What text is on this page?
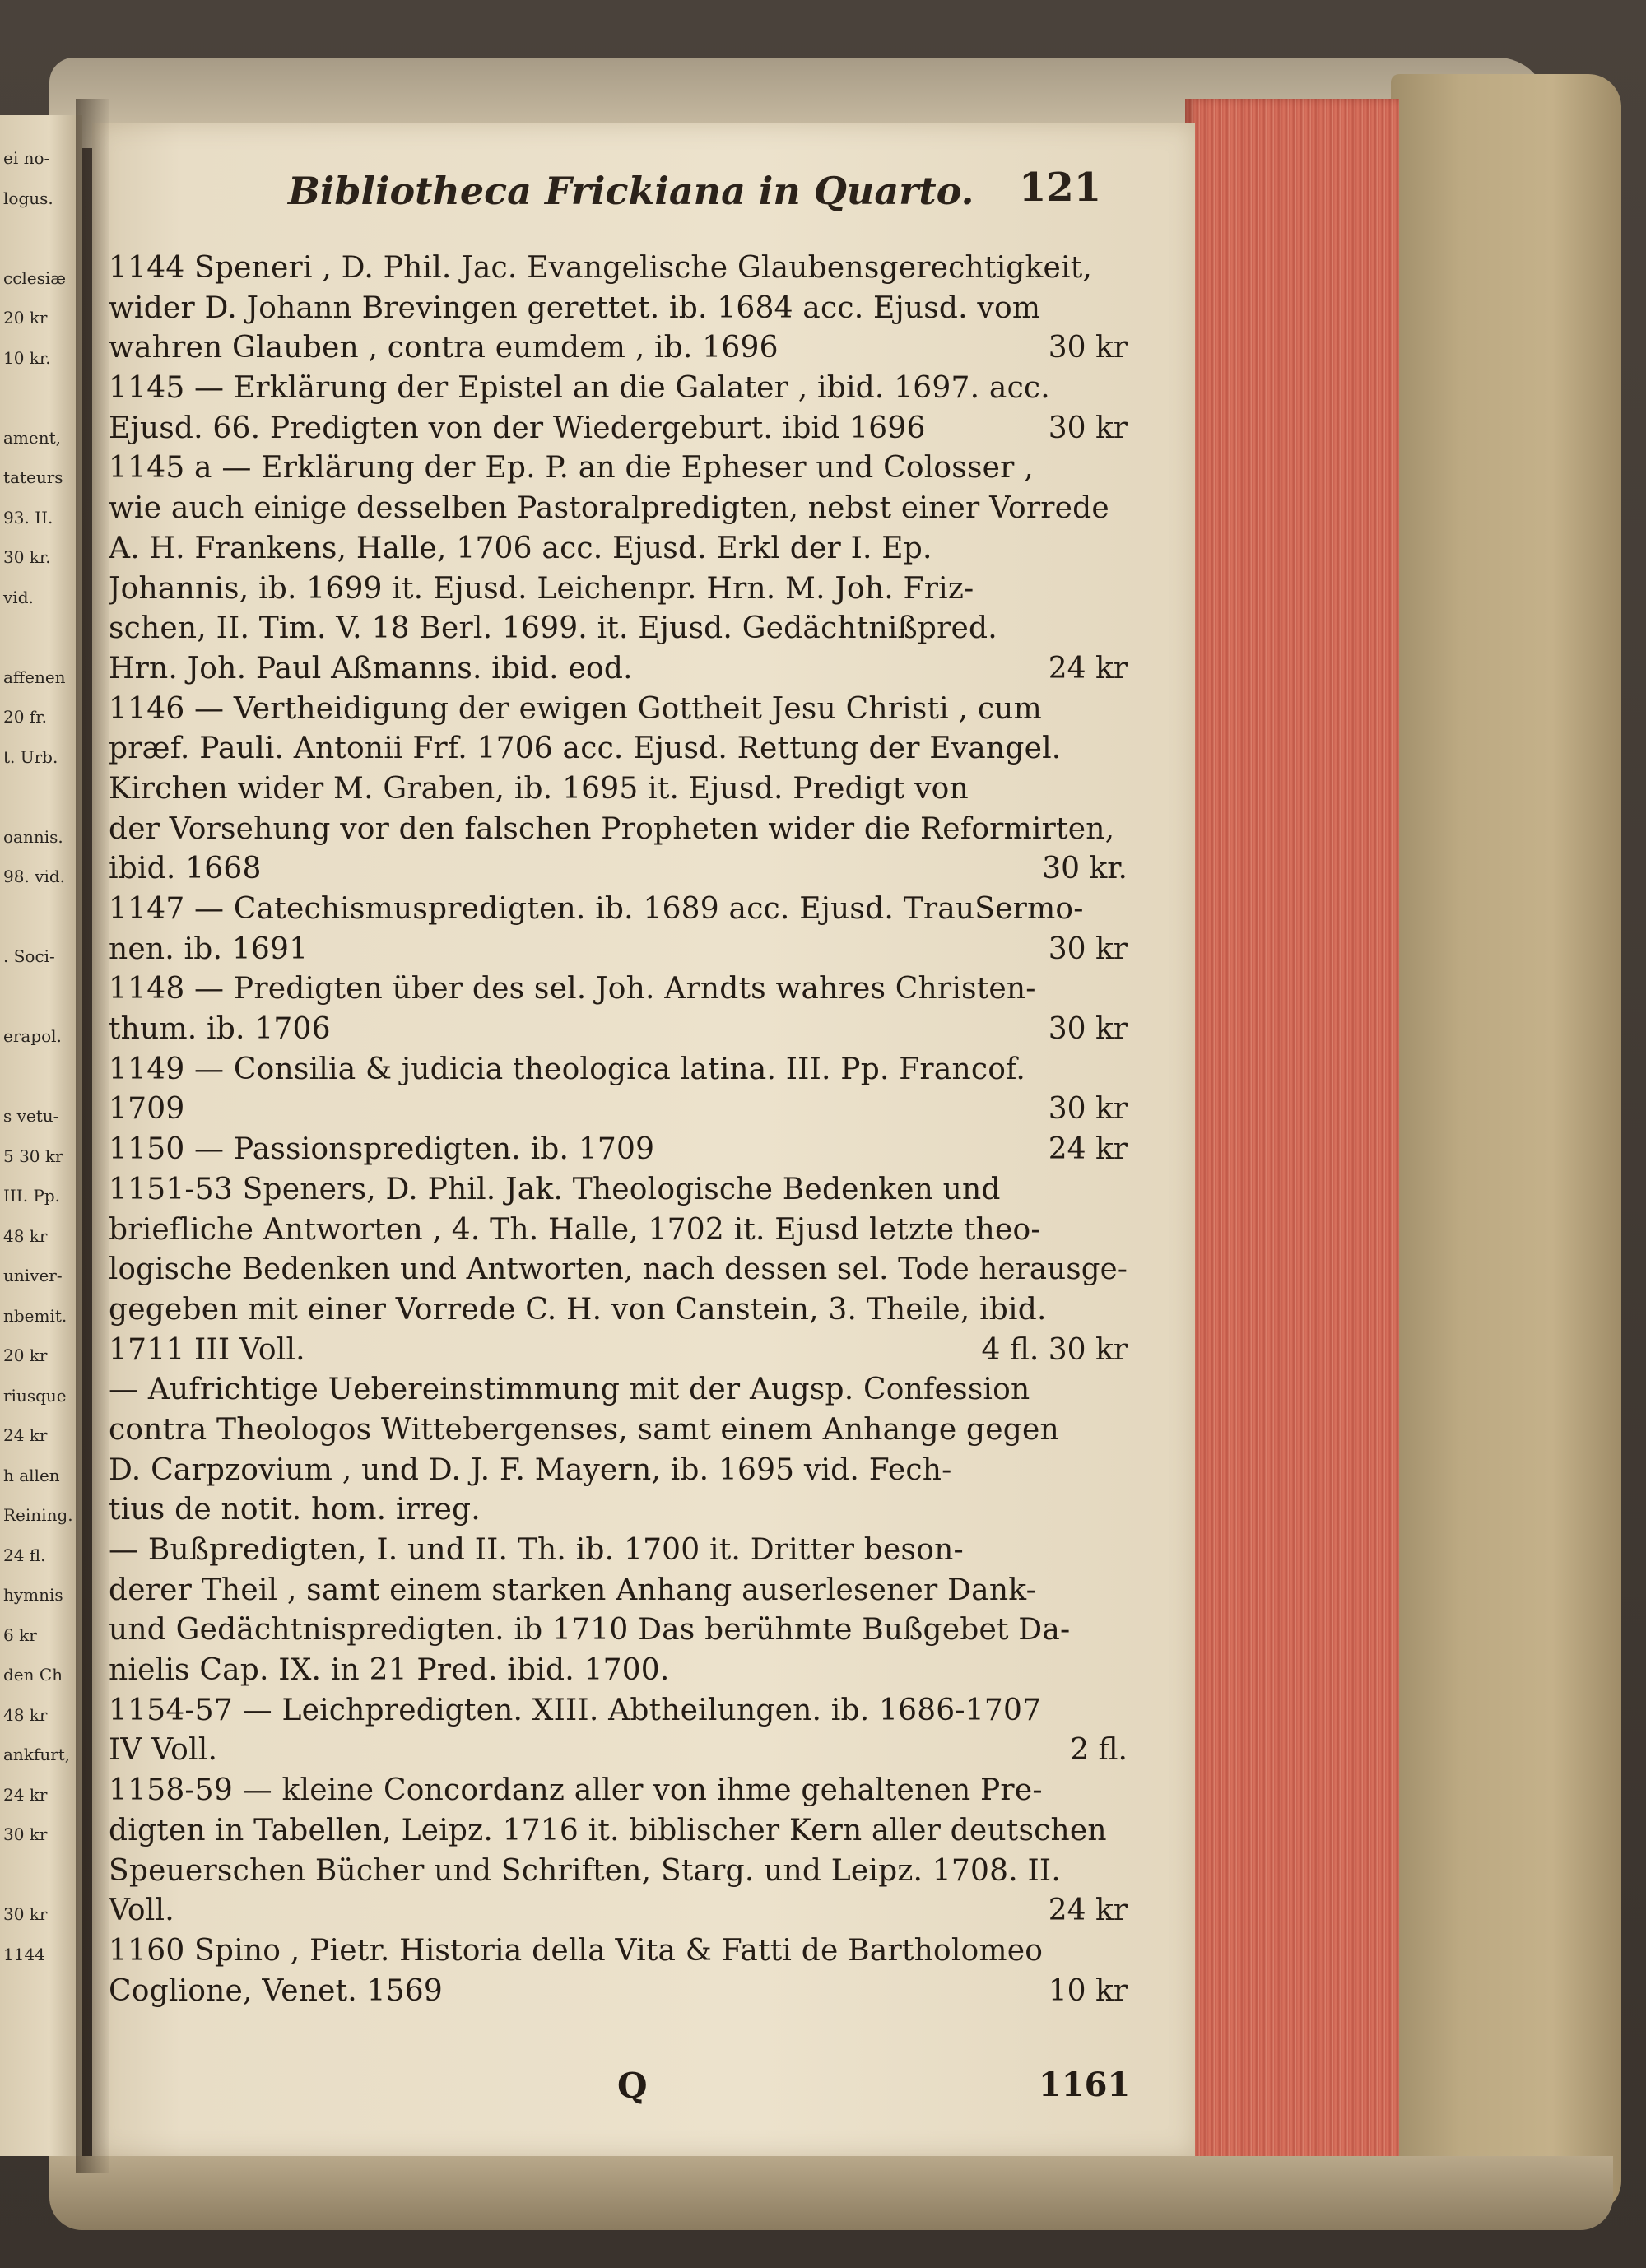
ei no-
logus.
cclesiæ
20 kr
10 kr.
ament,
tateurs
93. II.
30 kr.
vid.
affenen
20 fr.
t. Urb.
oannis.
98. vid.
. Soci-
erapol.
s vetu-
5 30 kr
III. Pp.
48 kr
univer-
nbemit.
20 kr
riusque
24 kr
h allen
Reining.
24 fl.
hymnis
6 kr
den Ch
48 kr
ankfurt,
24 kr
30 kr
30 kr
1144
Bibliotheca Frickiana in Quarto. 121
1144 Speneri , D. Phil. Jac. Evangelische Glaubensgerechtigkeit,
wider D. Johann Brevingen gerettet. ib. 1684 acc. Ejusd. vom
wahren Glauben , contra eumdem , ib. 1696	30 kr
1145 — Erklärung der Epistel an die Galater , ibid. 1697. acc.
Ejusd. 66. Predigten von der Wiedergeburt. ibid 1696	30 kr
1145 a — Erklärung der Ep. P. an die Epheser und Colosser ,
wie auch einige desselben Pastoralpredigten, nebst einer Vorrede
A. H. Frankens, Halle, 1706 acc. Ejusd. Erkl der I. Ep.
Johannis, ib. 1699 it. Ejusd. Leichenpr. Hrn. M. Joh. Friz-
schen, II. Tim. V. 18 Berl. 1699. it. Ejusd. Gedächtnißpred.
Hrn. Joh. Paul Aßmanns. ibid. eod.	24 kr
1146 — Vertheidigung der ewigen Gottheit Jesu Christi , cum
præf. Pauli. Antonii Frf. 1706 acc. Ejusd. Rettung der Evangel.
Kirchen wider M. Graben, ib. 1695 it. Ejusd. Predigt von
der Vorsehung vor den falschen Propheten wider die Reformirten,
ibid. 1668	30 kr.
1147 — Catechismuspredigten. ib. 1689 acc. Ejusd. TrauSermo-
nen. ib. 1691	30 kr
1148 — Predigten über des sel. Joh. Arndts wahres Christen-
thum. ib. 1706	30 kr
1149 — Consilia & judicia theologica latina. III. Pp. Francof.
1709	30 kr
1150 — Passionspredigten. ib. 1709	24 kr
1151-53 Speners, D. Phil. Jak. Theologische Bedenken und
briefliche Antworten , 4. Th. Halle, 1702 it. Ejusd letzte theo-
logische Bedenken und Antworten, nach dessen sel. Tode herausge-
gegeben mit einer Vorrede C. H. von Canstein, 3. Theile, ibid.
1711 III Voll.	4 fl. 30 kr
— Aufrichtige Uebereinstimmung mit der Augsp. Confession
contra Theologos Wittebergenses, samt einem Anhange gegen
D. Carpzovium , und D. J. F. Mayern, ib. 1695 vid. Fech-
tius de notit. hom. irreg.
— Bußpredigten, I. und II. Th. ib. 1700 it. Dritter beson-
derer Theil , samt einem starken Anhang auserlesener Dank-
und Gedächtnispredigten. ib 1710 Das berühmte Bußgebet Da-
nielis Cap. IX. in 21 Pred. ibid. 1700.
1154-57 — Leichpredigten. XIII. Abtheilungen. ib. 1686-1707
IV Voll.	2 fl.
1158-59 — kleine Concordanz aller von ihme gehaltenen Pre-
digten in Tabellen, Leipz. 1716 it. biblischer Kern aller deutschen
Speuerschen Bücher und Schriften, Starg. und Leipz. 1708. II.
Voll.	24 kr
1160 Spino , Pietr. Historia della Vita & Fatti de Bartholomeo
Coglione, Venet. 1569	10 kr
Q	1161
